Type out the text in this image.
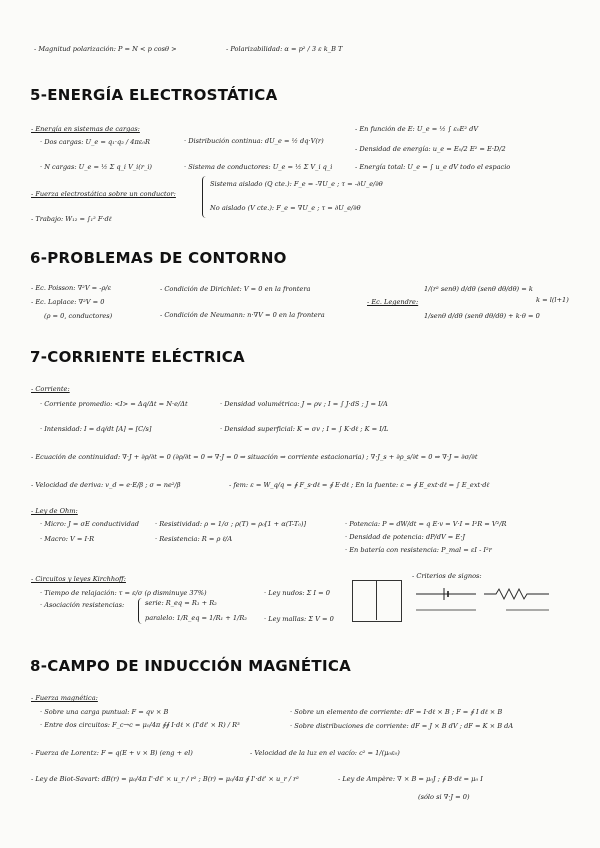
- Magnitud polarización: P = N < p cosθ >	- Polarizabilidad: α = p² / 3 ε k_B T
5-ENERGÍA ELECTROSTÁTICA
- Energía en sistemas de cargas:
· Dos cargas: U_e = q₁·q₂ / 4πε₀R	· Distribución continua: dU_e = ½ dq·V(r)
· N cargas: U_e = ½ Σ q_i V_i(r_i)	· Sistema de conductores: U_e = ½ Σ V_i q_i
- En función de E: U_e = ½ ∫ ε₀E² dV
- Densidad de energía: u_e = E₀/2 E² = E·D/2
- Energía total: U_e = ∫ u_e dV todo el espacio
- Fuerza electrostática sobre un conductor:
Sistema aislado (Q cte.): F_e = -∇U_e ; τ = -∂U_e/∂θ
No aislado (V cte.): F_e = ∇U_e ; τ = ∂U_e/∂θ
- Trabajo: W₁₂ = ∫₁² F·dℓ
6-PROBLEMAS DE CONTORNO
- Ec. Poisson: ∇²V = -ρ/ε
- Ec. Laplace: ∇²V = 0
(ρ = 0, conductores)
- Condición de Dirichlet: V = 0 en la frontera
- Condición de Neumann: n·∇V = 0 en la frontera
- Ec. Legendre:
1/(r² senθ) d/dθ (senθ dθ/dθ) = k
1/senθ d/dθ (senθ dθ/dθ) + k·θ = 0
k = l(l+1)
7-CORRIENTE ELÉCTRICA
- Corriente:
· Corriente promedio: <I> = Δq/Δt = N·e/Δt	· Densidad volumétrica: J = ρv ; I = ∫ J·dS ; J = I/A
· Intensidad: I = dq/dt [A] = [C/s]	· Densidad superficial: K = σv ; I = ∫ K·dℓ ; K = I/L
- Ecuación de continuidad: ∇·J + ∂ρ/∂t = 0 (∂ρ/∂t = 0 ⇒ ∇·J = 0 ⇒ situación ⇒ corriente estacionaria) ; ∇·J_s + ∂ρ_s/∂t = 0 ⇒ ∇·J = ∂σ/∂t
- Velocidad de deriva: v_d = e·E/β ; σ = ne²/β	- fem: ε = W_q/q = ∮ F_s·dℓ = ∮ E·dℓ ; En la fuente: ε = ∮ E_ext·dℓ = ∫ E_ext·dℓ
- Ley de Ohm:
· Micro: J = σE conductividad
· Macro: V = I·R
· Resistividad: ρ = 1/σ ; ρ(T) = ρ₀[1 + α(T-T₀)]
· Resistencia: R = ρ ℓ/A
· Potencia: P = dW/dt = q E·v = V·I = I²R = V²/R
· Densidad de potencia: dP/dV = E·J
· En batería con resistencia: P_mal = εI - I²r
- Circuitos y leyes Kirchhoff:
· Tiempo de relajación: τ = ε/σ (ρ disminuye 37%)
· Asociación resistencias:	serie: R_eq = R₁ + R₂
paralelo: 1/R_eq = 1/R₁ + 1/R₂
· Ley nudos: Σ I = 0
· Ley mallas: Σ V = 0
- Criterios de signos:
8-CAMPO DE INDUCCIÓN MAGNÉTICA
- Fuerza magnética:
· Sobre una carga puntual: F = qv × B
· Entre dos circuitos: F_c→c = μ₀/4π ∮∮ I·dℓ × (I'dℓ' × R) / R³
· Sobre un elemento de corriente: dF = I·dℓ × B ; F = ∮ I dℓ × B
· Sobre distribuciones de corriente: dF = J × B dV ; dF = K × B dA
- Fuerza de Lorentz: F = q(E + v × B) (eng + el)	- Velocidad de la luz en el vacío: c² = 1/(μ₀ε₀)
- Ley de Biot-Savart: dB(r) = μ₀/4π I'·dℓ' × u_r / r² ; B(r) = μ₀/4π ∮ I'·dℓ' × u_r / r²	- Ley de Ampère: ∇ × B = μ₀J ; ∮ B·dℓ = μ₀ I
(sólo si ∇·J = 0)
